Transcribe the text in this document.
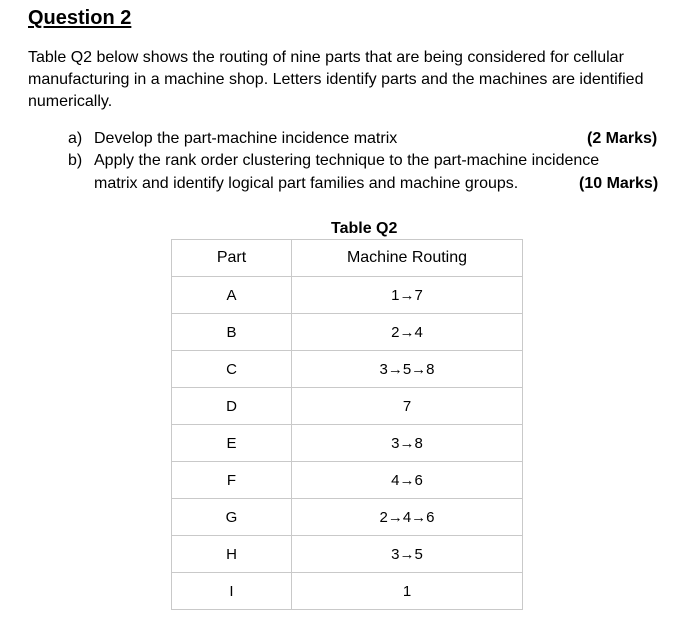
Question 2

Table Q2 below shows the routing of nine parts that are being considered for cellular manufacturing in a machine shop. Letters identify parts and the machines are identified numerically.

a) Develop the part-machine incidence matrix	(2 Marks)
b) Apply the rank order clustering technique to the part-machine incidence
matrix and identify logical part families and machine groups.	(10 Marks)
Table Q2
Part	Machine Routing
A	1→7
B	2→4
C	3→5→8
D	7
E	3→8
F	4→6
G	2→4→6
H	3→5
I	1
